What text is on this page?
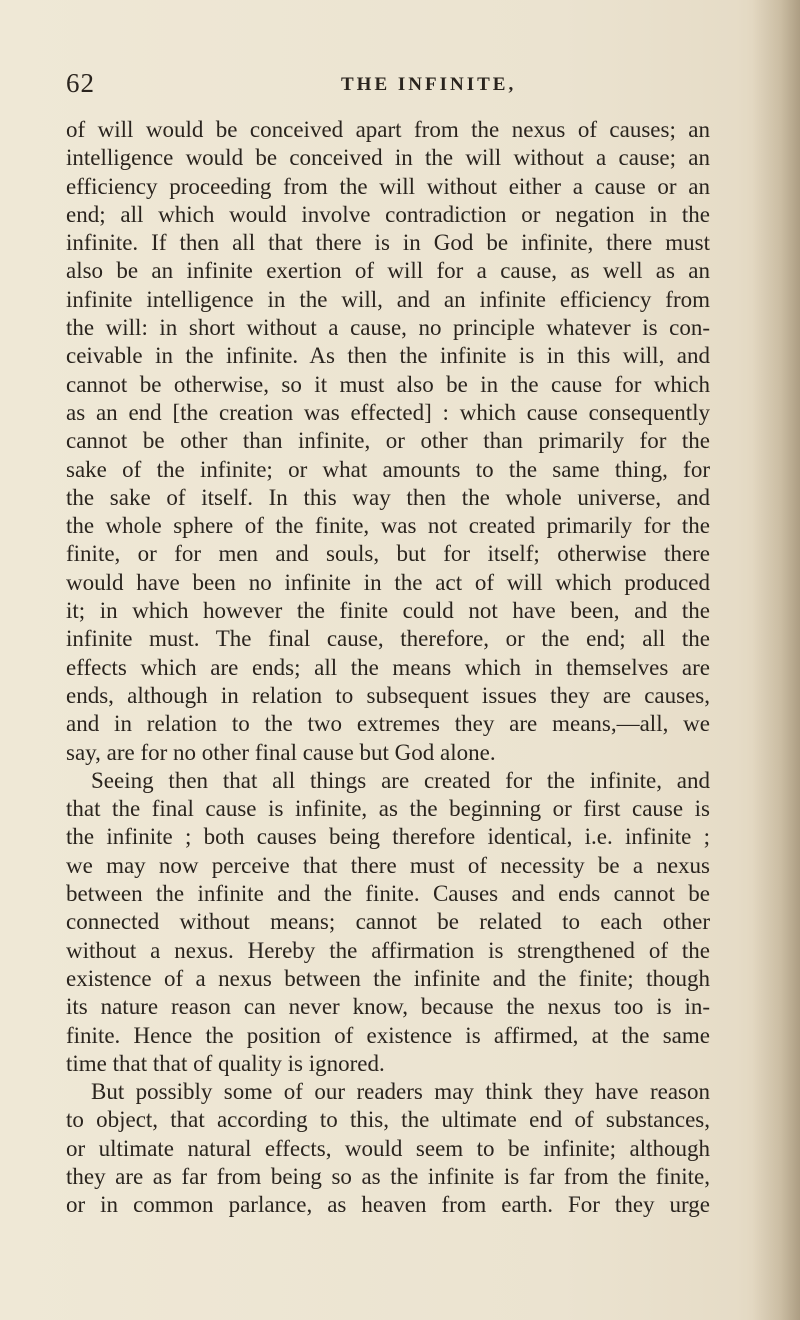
62	THE INFINITE,
of will would be conceived apart from the nexus of causes; an
intelligence would be conceived in the will without a cause; an
efficiency proceeding from the will without either a cause or an
end; all which would involve contradiction or negation in the
infinite. If then all that there is in God be infinite, there must
also be an infinite exertion of will for a cause, as well as an
infinite intelligence in the will, and an infinite efficiency from
the will: in short without a cause, no principle whatever is con-
ceivable in the infinite. As then the infinite is in this will, and
cannot be otherwise, so it must also be in the cause for which
as an end [the creation was effected] : which cause consequently
cannot be other than infinite, or other than primarily for the
sake of the infinite; or what amounts to the same thing, for
the sake of itself. In this way then the whole universe, and
the whole sphere of the finite, was not created primarily for the
finite, or for men and souls, but for itself; otherwise there
would have been no infinite in the act of will which produced
it; in which however the finite could not have been, and the
infinite must. The final cause, therefore, or the end; all the
effects which are ends; all the means which in themselves are
ends, although in relation to subsequent issues they are causes,
and in relation to the two extremes they are means,—all, we
say, are for no other final cause but God alone.
Seeing then that all things are created for the infinite, and
that the final cause is infinite, as the beginning or first cause is
the infinite ; both causes being therefore identical, i.e. infinite ;
we may now perceive that there must of necessity be a nexus
between the infinite and the finite. Causes and ends cannot be
connected without means; cannot be related to each other
without a nexus. Hereby the affirmation is strengthened of the
existence of a nexus between the infinite and the finite; though
its nature reason can never know, because the nexus too is in-
finite. Hence the position of existence is affirmed, at the same
time that that of quality is ignored.
But possibly some of our readers may think they have reason
to object, that according to this, the ultimate end of substances,
or ultimate natural effects, would seem to be infinite; although
they are as far from being so as the infinite is far from the finite,
or in common parlance, as heaven from earth. For they urge
